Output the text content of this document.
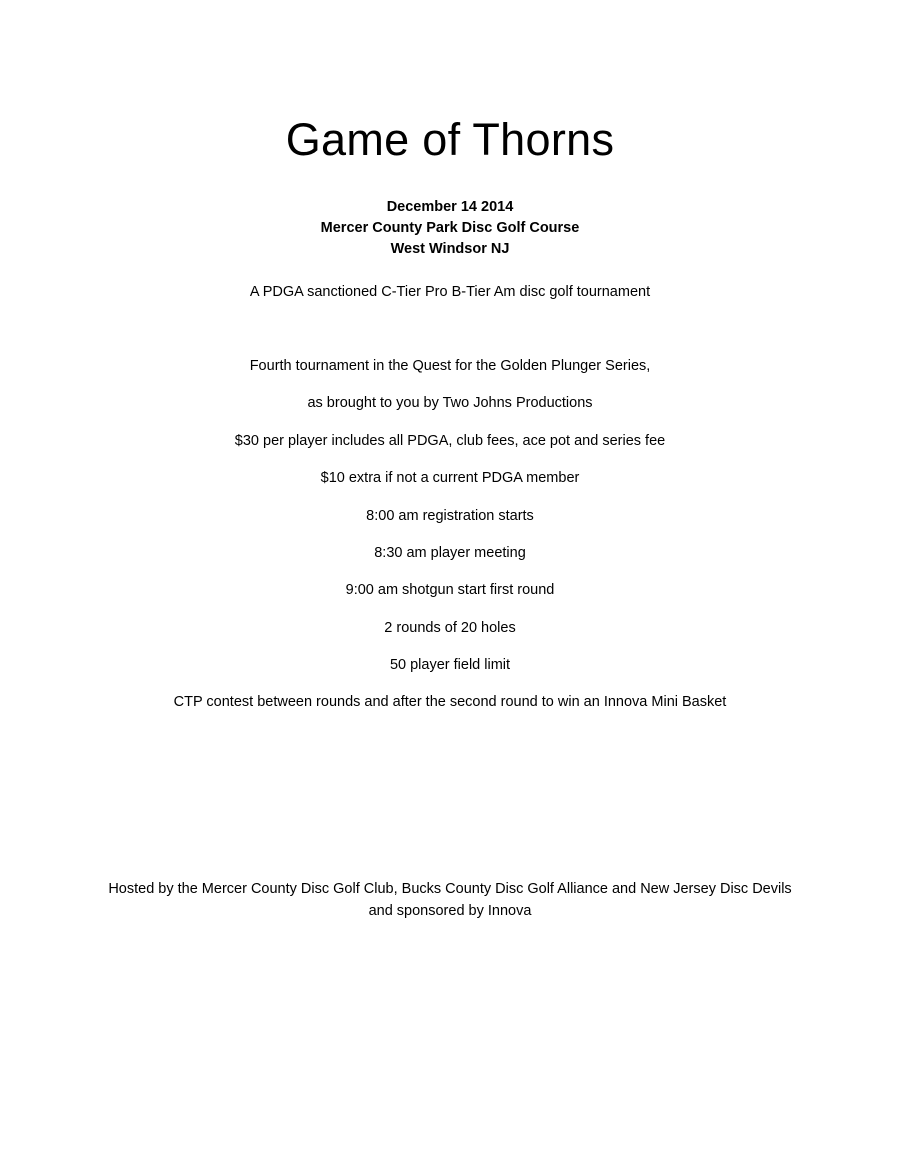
Game of Thorns
December 14 2014
Mercer County Park Disc Golf Course
West Windsor NJ
A PDGA sanctioned C-Tier Pro B-Tier Am disc golf tournament
Fourth tournament in the Quest for the Golden Plunger Series,
as brought to you by Two Johns Productions
$30 per player includes all PDGA, club fees, ace pot and series fee
$10 extra if not a current PDGA member
8:00 am registration starts
8:30 am player meeting
9:00 am shotgun start first round
2 rounds of 20 holes
50 player field limit
CTP contest between rounds and after the second round to win an Innova Mini Basket
Hosted by the Mercer County Disc Golf Club, Bucks County Disc Golf Alliance and New Jersey Disc Devils
and sponsored by Innova
